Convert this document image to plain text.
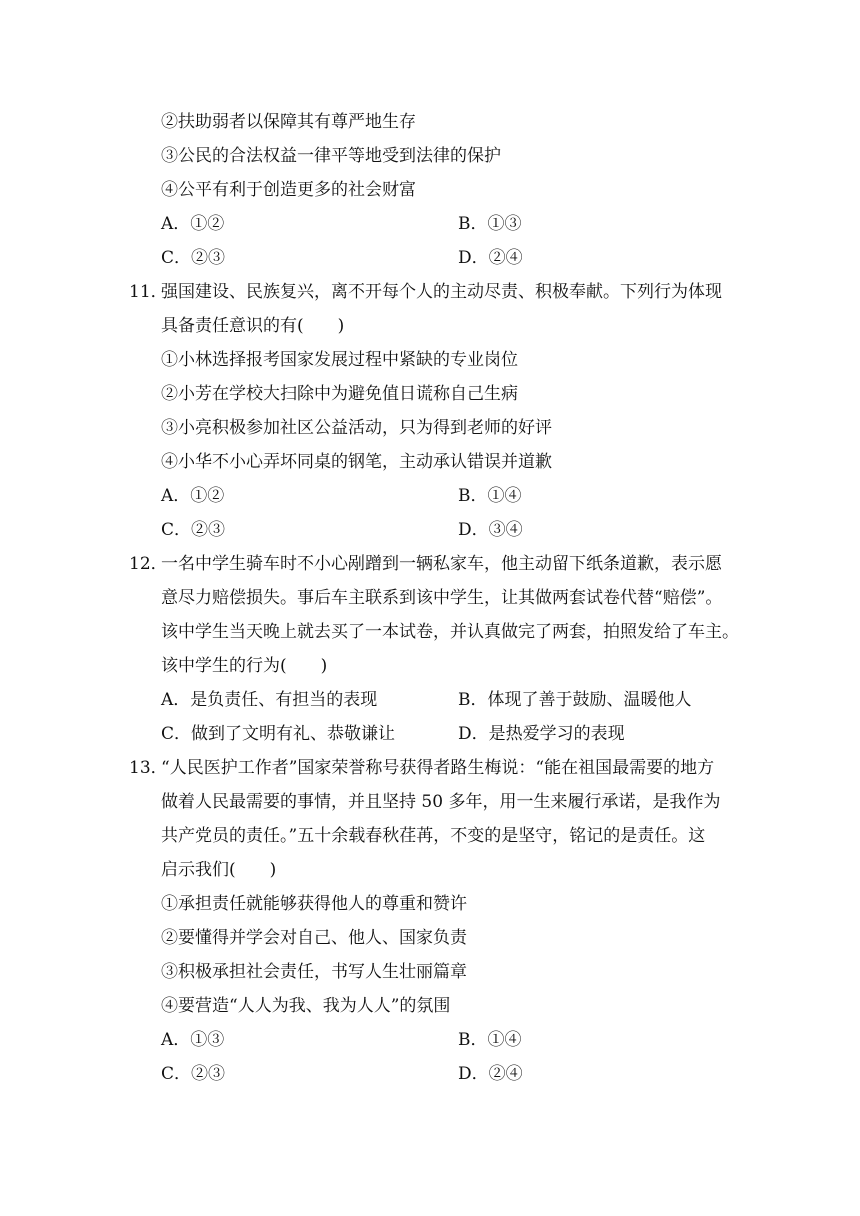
②扶助弱者以保障其有尊严地生存
③公民的合法权益一律平等地受到法律的保护
④公平有利于创造更多的社会财富
A．①②	B．①③
C．②③	D．②④
11．
强国建设、民族复兴，离不开每个人的主动尽责、积极奉献。下列行为体现
具备责任意识的有(　　)
①小林选择报考国家发展过程中紧缺的专业岗位
②小芳在学校大扫除中为避免值日谎称自己生病
③小亮积极参加社区公益活动，只为得到老师的好评
④小华不小心弄坏同桌的钢笔，主动承认错误并道歉
A．①②	B．①④
C．②③	D．③④
12．
一名中学生骑车时不小心剐蹭到一辆私家车，他主动留下纸条道歉，表示愿
意尽力赔偿损失。事后车主联系到该中学生，让其做两套试卷代替“赔偿”。
该中学生当天晚上就去买了一本试卷，并认真做完了两套，拍照发给了车主。
该中学生的行为(　　)
A．是负责任、有担当的表现	B．体现了善于鼓励、温暖他人
C．做到了文明有礼、恭敬谦让	D．是热爱学习的表现
13．
“人民医护工作者”国家荣誉称号获得者路生梅说：“能在祖国最需要的地方
做着人民最需要的事情，并且坚持 50 多年，用一生来履行承诺，是我作为
共产党员的责任。”五十余载春秋荏苒，不变的是坚守，铭记的是责任。这
启示我们(　　)
①承担责任就能够获得他人的尊重和赞许
②要懂得并学会对自己、他人、国家负责
③积极承担社会责任，书写人生壮丽篇章
④要营造“人人为我、我为人人”的氛围
A．①③	B．①④
C．②③	D．②④
